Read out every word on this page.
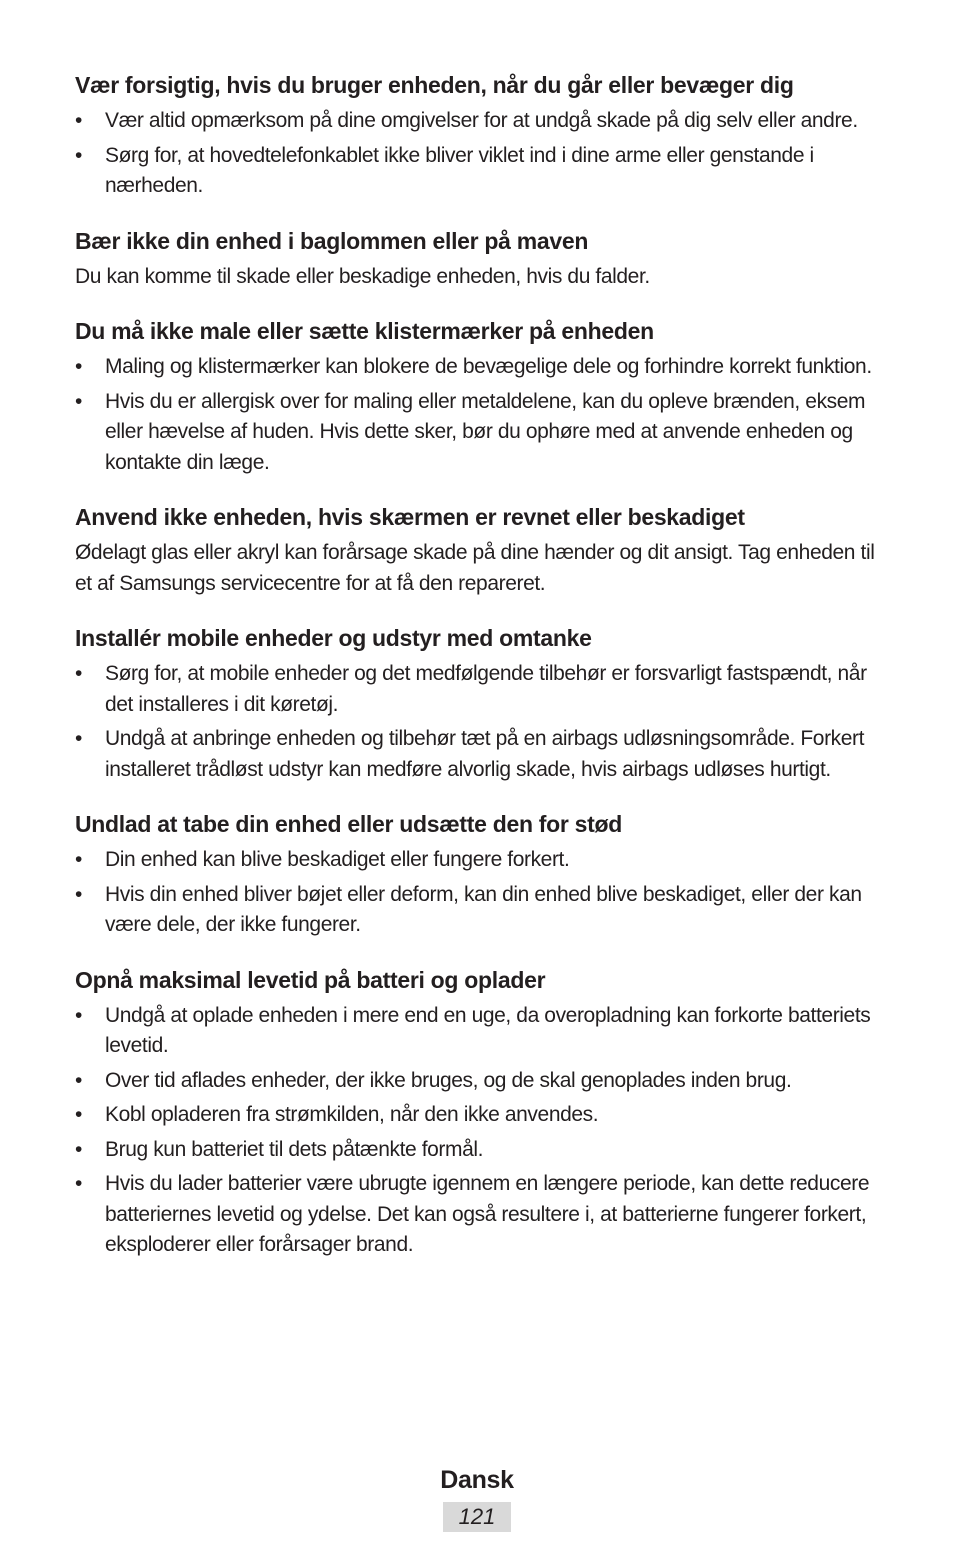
Vær forsigtig, hvis du bruger enheden, når du går eller bevæger dig
• Vær altid opmærksom på dine omgivelser for at undgå skade på dig selv eller andre.
• Sørg for, at hovedtelefonkablet ikke bliver viklet ind i dine arme eller genstande i nærheden.
Bær ikke din enhed i baglommen eller på maven

Du kan komme til skade eller beskadige enheden, hvis du falder.

Du må ikke male eller sætte klistermærker på enheden
• Maling og klistermærker kan blokere de bevægelige dele og forhindre korrekt funktion.
• Hvis du er allergisk over for maling eller metaldelene, kan du opleve brænden, eksem eller hævelse af huden. Hvis dette sker, bør du ophøre med at anvende enheden og kontakte din læge.
Anvend ikke enheden, hvis skærmen er revnet eller beskadiget

Ødelagt glas eller akryl kan forårsage skade på dine hænder og dit ansigt. Tag enheden til et af Samsungs servicecentre for at få den repareret.

Installér mobile enheder og udstyr med omtanke
• Sørg for, at mobile enheder og det medfølgende tilbehør er forsvarligt fastspændt, når det installeres i dit køretøj.
• Undgå at anbringe enheden og tilbehør tæt på en airbags udløsningsområde. Forkert installeret trådløst udstyr kan medføre alvorlig skade, hvis airbags udløses hurtigt.
Undlad at tabe din enhed eller udsætte den for stød
• Din enhed kan blive beskadiget eller fungere forkert.
• Hvis din enhed bliver bøjet eller deform, kan din enhed blive beskadiget, eller der kan være dele, der ikke fungerer.
Opnå maksimal levetid på batteri og oplader
• Undgå at oplade enheden i mere end en uge, da overopladning kan forkorte batteriets levetid.
• Over tid aflades enheder, der ikke bruges, og de skal genoplades inden brug.
• Kobl opladeren fra strømkilden, når den ikke anvendes.
• Brug kun batteriet til dets påtænkte formål.
• Hvis du lader batterier være ubrugte igennem en længere periode, kan dette reducere batteriernes levetid og ydelse. Det kan også resultere i, at batterierne fungerer forkert, eksploderer eller forårsager brand.
Dansk
121
